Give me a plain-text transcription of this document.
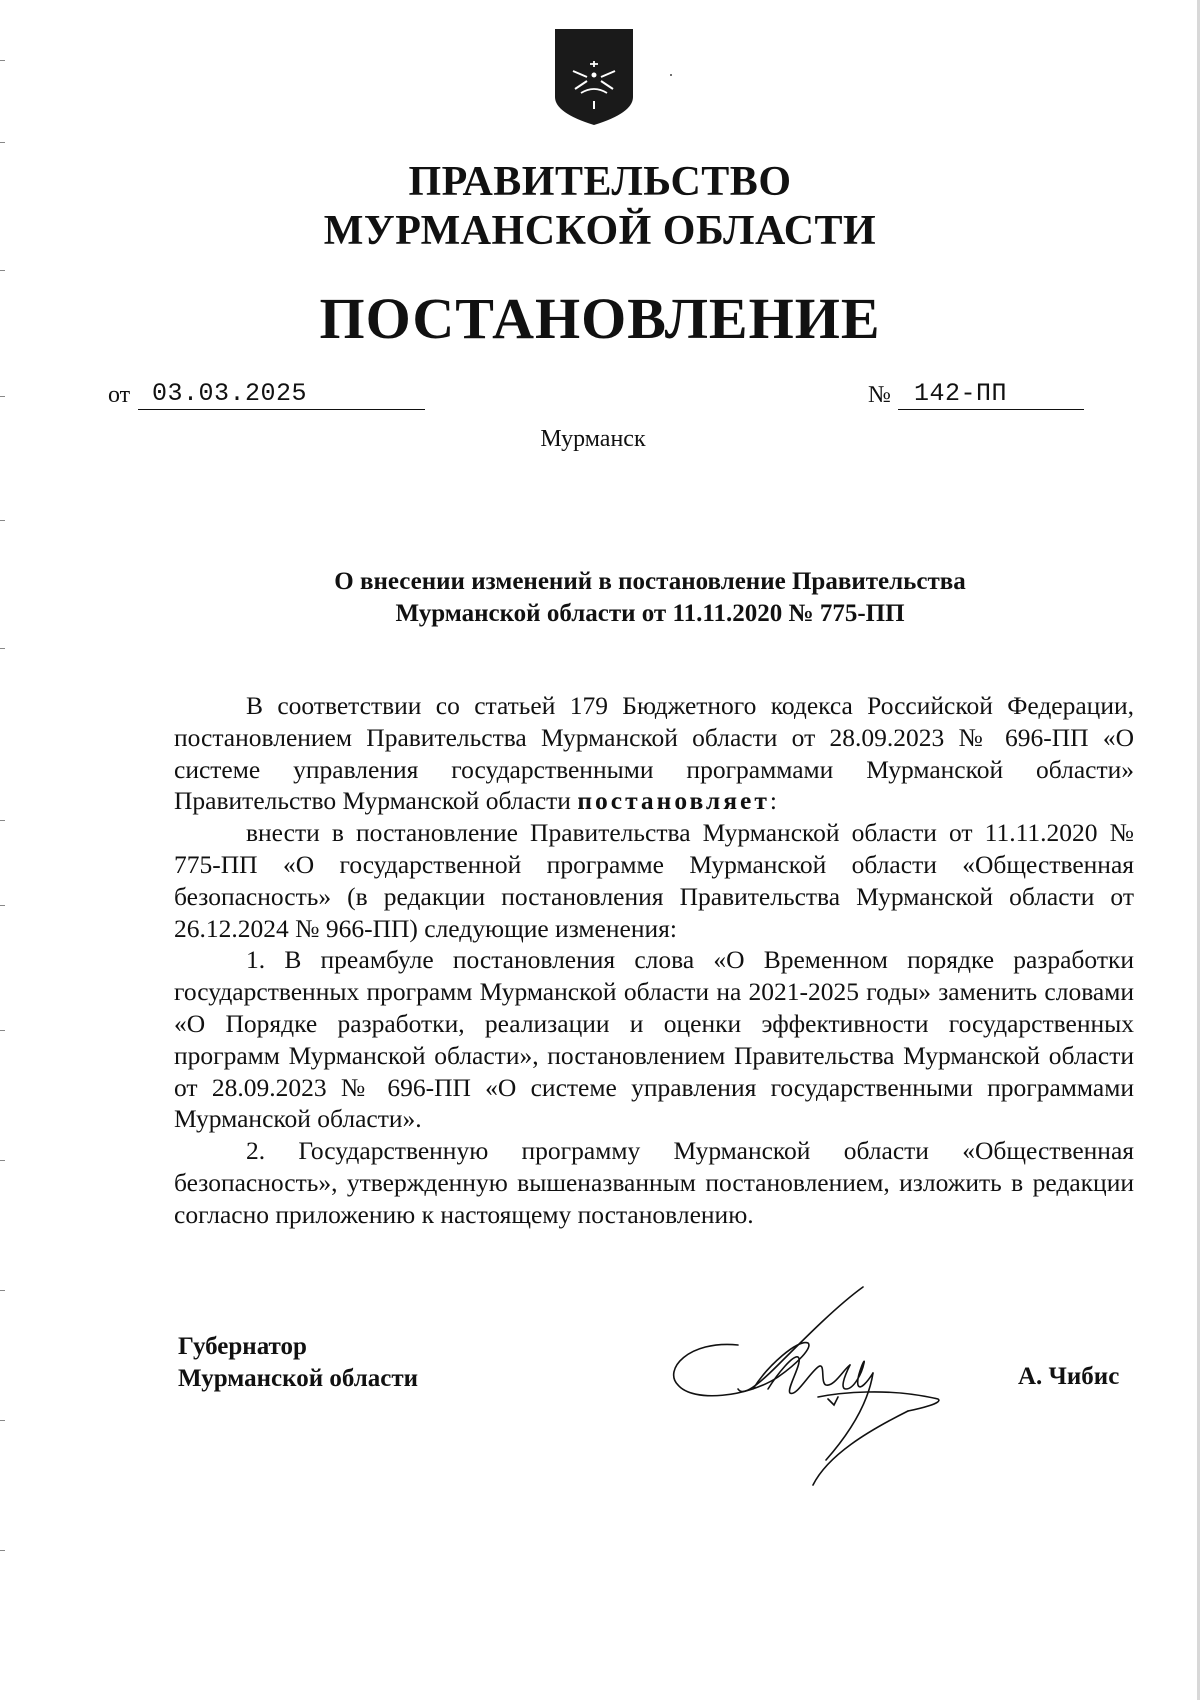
ПРАВИТЕЛЬСТВО
МУРМАНСКОЙ ОБЛАСТИ
ПОСТАНОВЛЕНИЕ
от 03.03.2025	№ 142-ПП
Мурманск
О внесении изменений в постановление Правительства
Мурманской области от 11.11.2020 № 775-ПП

В соответствии со статьей 179 Бюджетного кодекса Российской Федерации, постановлением Правительства Мурманской области от 28.09.2023 № 696-ПП «О системе управления государственными программами Мурманской области» Правительство Мурманской области постановляет:

внести в постановление Правительства Мурманской области от 11.11.2020 № 775-ПП «О государственной программе Мурманской области «Общественная безопасность» (в редакции постановления Правительства Мурманской области от 26.12.2024 № 966-ПП) следующие изменения:

1. В преамбуле постановления слова «О Временном порядке разработки государственных программ Мурманской области на 2021-2025 годы» заменить словами «О Порядке разработки, реализации и оценки эффективности государственных программ Мурманской области», постановлением Правительства Мурманской области от 28.09.2023 № 696-ПП «О системе управления государственными программами Мурманской области».

2. Государственную программу Мурманской области «Общественная безопасность», утвержденную вышеназванным постановлением, изложить в редакции согласно приложению к настоящему постановлению.

Губернатор
Мурманской области	А. Чибис
